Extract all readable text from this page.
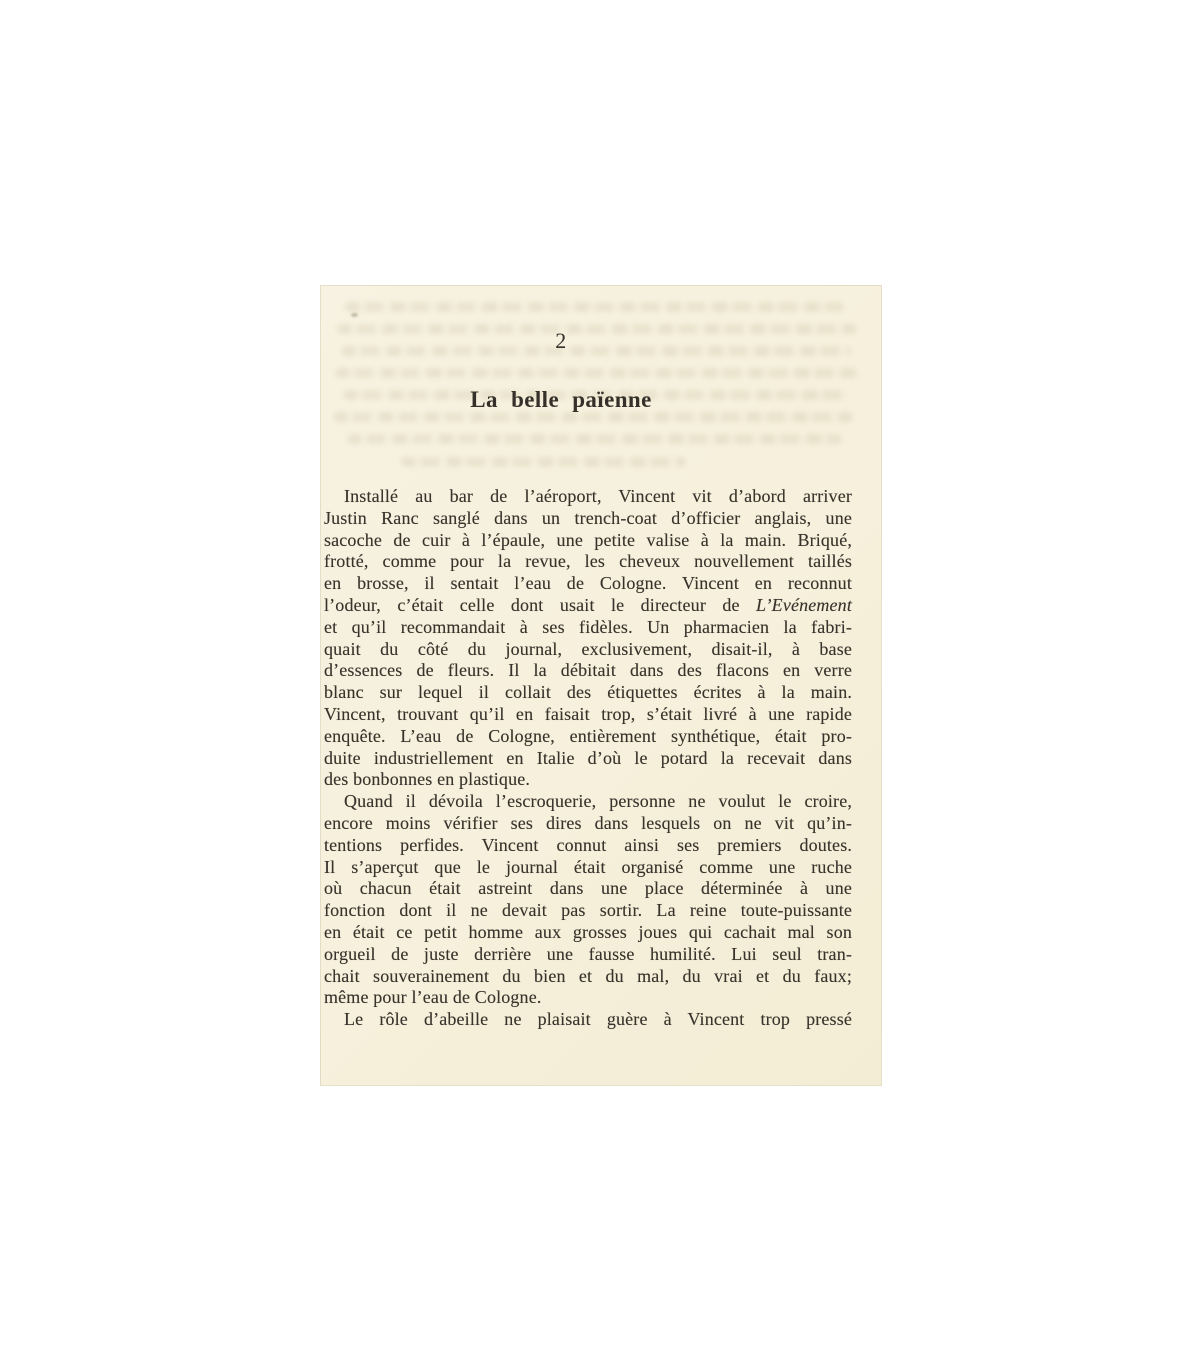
2
La belle païenne
Installé au bar de l’aéroport, Vincent vit d’abord arriver
Justin Ranc sanglé dans un trench-coat d’officier anglais, une
sacoche de cuir à l’épaule, une petite valise à la main. Briqué,
frotté, comme pour la revue, les cheveux nouvellement taillés
en brosse, il sentait l’eau de Cologne. Vincent en reconnut
l’odeur, c’était celle dont usait le directeur de L’Evénement
et qu’il recommandait à ses fidèles. Un pharmacien la fabri-
quait du côté du journal, exclusivement, disait-il, à base
d’essences de fleurs. Il la débitait dans des flacons en verre
blanc sur lequel il collait des étiquettes écrites à la main.
Vincent, trouvant qu’il en faisait trop, s’était livré à une rapide
enquête. L’eau de Cologne, entièrement synthétique, était pro-
duite industriellement en Italie d’où le potard la recevait dans
des bonbonnes en plastique.
Quand il dévoila l’escroquerie, personne ne voulut le croire,
encore moins vérifier ses dires dans lesquels on ne vit qu’in-
tentions perfides. Vincent connut ainsi ses premiers doutes.
Il s’aperçut que le journal était organisé comme une ruche
où chacun était astreint dans une place déterminée à une
fonction dont il ne devait pas sortir. La reine toute-puissante
en était ce petit homme aux grosses joues qui cachait mal son
orgueil de juste derrière une fausse humilité. Lui seul tran-
chait souverainement du bien et du mal, du vrai et du faux;
même pour l’eau de Cologne.
Le rôle d’abeille ne plaisait guère à Vincent trop pressé
